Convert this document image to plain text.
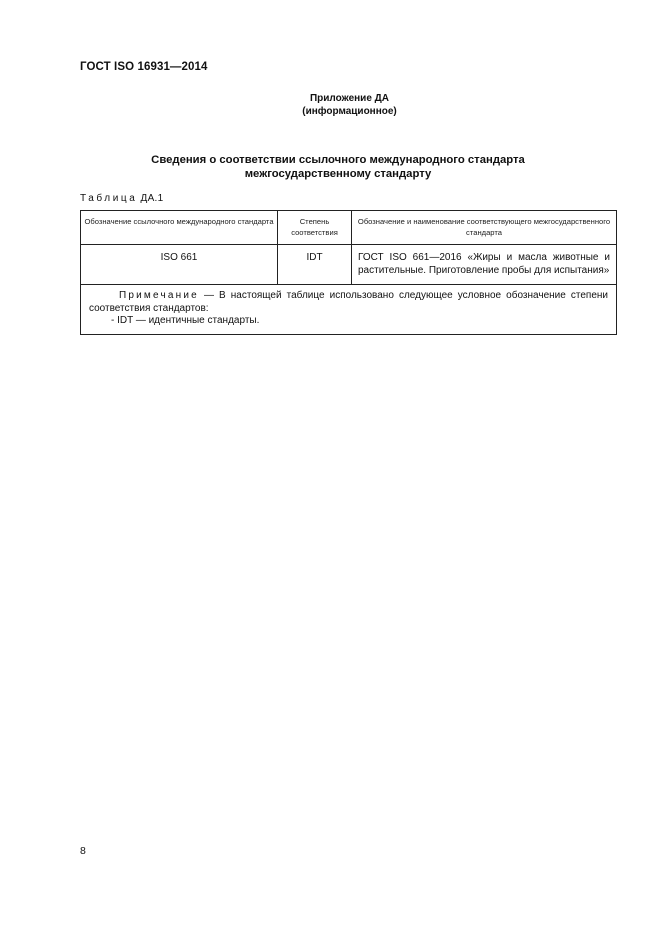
ГОСТ ISO 16931—2014
Приложение ДА
(информационное)
Сведения о соответствии ссылочного международного стандарта
межгосударственному стандарту
Таблица ДА.1
Обозначение ссылочного международного стандарта	Степень соответствия	Обозначение и наименование соответствующего межгосударственного стандарта
ISO 661	IDT	ГОСТ ISO 661—2016 «Жиры и масла животные и растительные. Приготовление пробы для испытания»

Примечание — В настоящей таблице использовано следующее условное обозначение степени соответствия стандартов:
- IDT — идентичные стандарты.		
8
